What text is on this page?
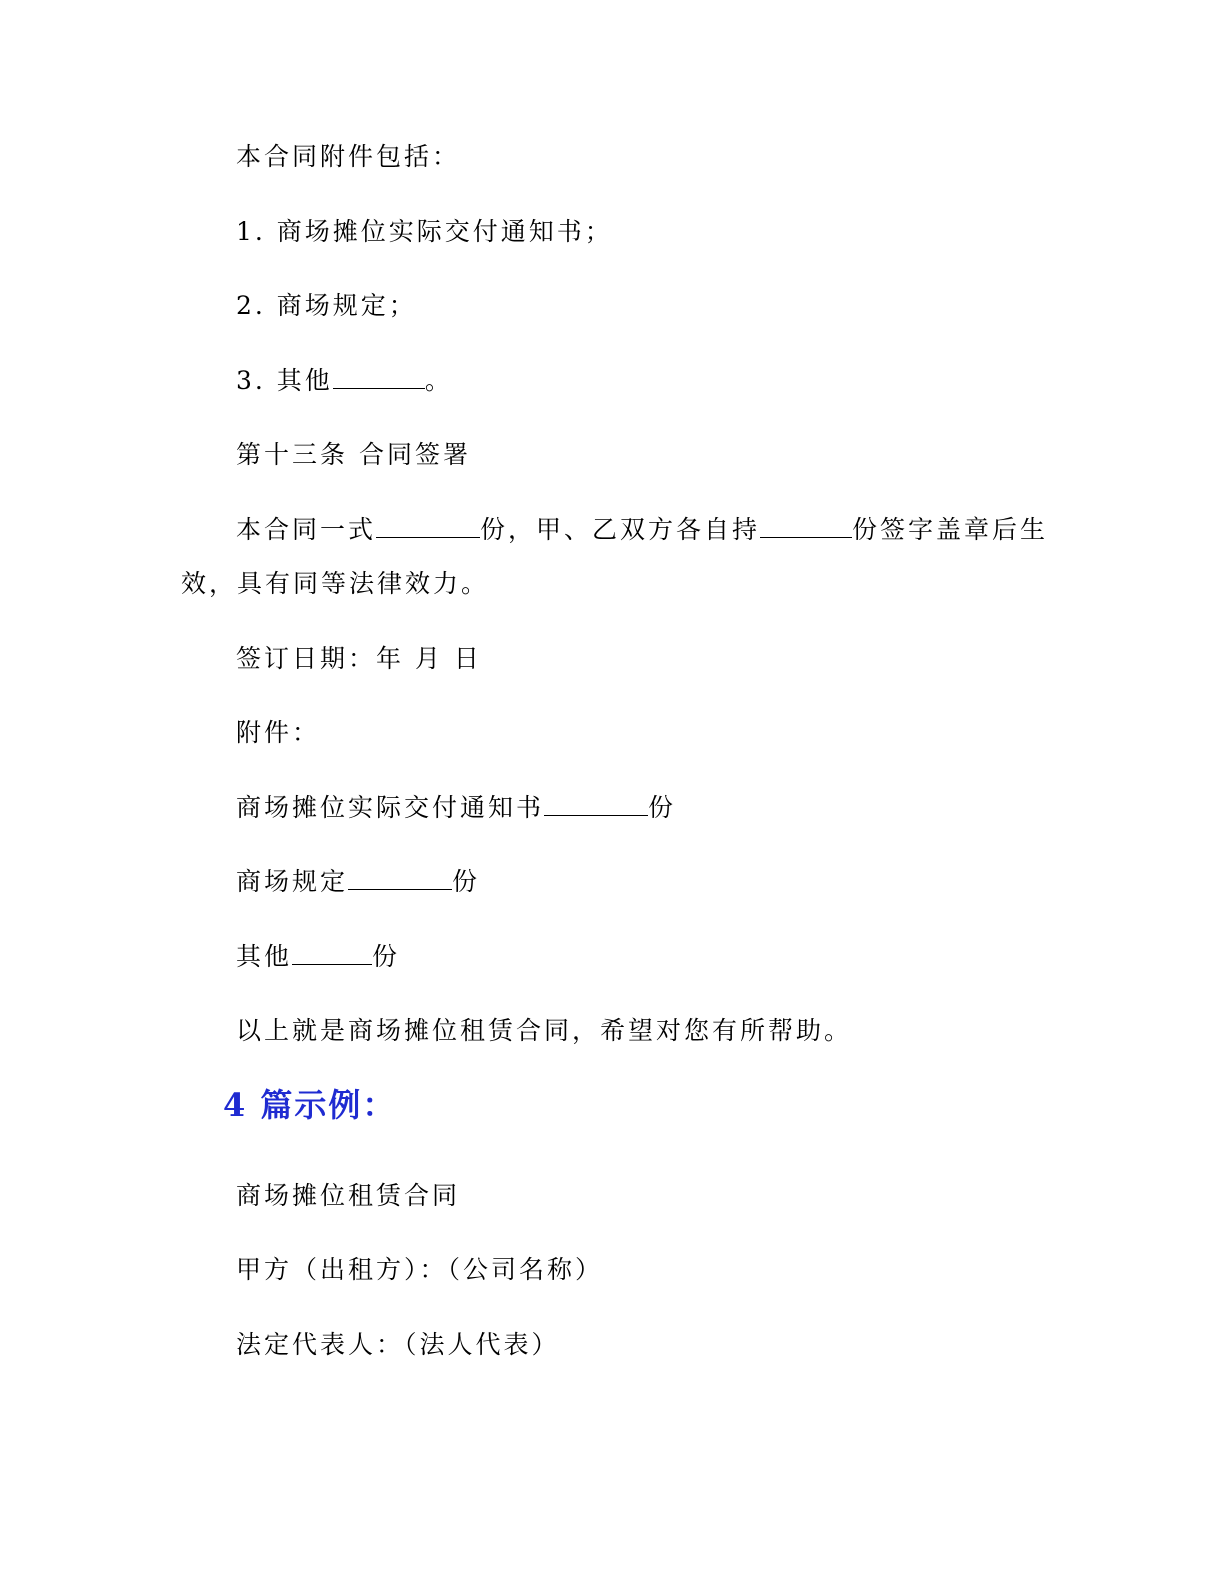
本合同附件包括：

1. 商场摊位实际交付通知书；

2. 商场规定；

3. 其他	。

第十三条 合同签署

本合同一式	份，甲、乙双方各自持	份签字盖章后生

效，具有同等法律效力。

签订日期：年 月 日

附件：

商场摊位实际交付通知书	份

商场规定	份

其他	份

以上就是商场摊位租赁合同，希望对您有所帮助。

4 篇示例：

商场摊位租赁合同

甲方（出租方）：（公司名称）

法定代表人：（法人代表）
